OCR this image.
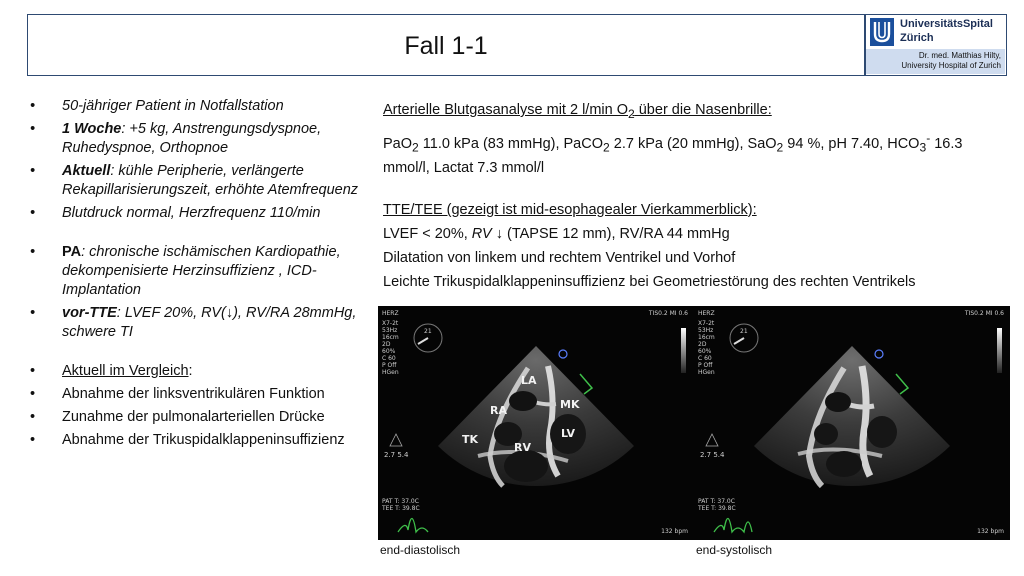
Fall 1-1
UniversitätsSpital
Zürich
Dr. med. Matthias Hilty,
University Hospital of Zurich
• 50-jähriger Patient in Notfallstation
• 1 Woche: +5 kg, Anstrengungsdyspnoe, Ruhedyspnoe, Orthopnoe
• Aktuell: kühle Peripherie, verlängerte Rekapillarisierungszeit, erhöhte Atemfrequenz
• Blutdruck normal, Herzfrequenz 110/min
• PA: chronische ischämischen Kardiopathie, dekompenisierte Herzinsuffizienz , ICD-Implantation
• vor-TTE: LVEF 20%, RV(↓), RV/RA 28mmHg, schwere TI
• Aktuell im Vergleich:
• Abnahme der linksventrikulären Funktion
• Zunahme der pulmonalarteriellen Drücke
• Abnahme der Trikuspidalklappeninsuffizienz

Arterielle Blutgasanalyse mit 2 l/min $O_2$ über die Nasenbrille:

PaO$_2$ 11.0 kPa (83 mmHg), PaCO$_2$ 2.7 kPa (20 mmHg), SaO$_2$ 94 %, pH 7.40, $HCO_3^-$ 16.3 mmol/l, Lactat 7.3 mmol/l

TTE/TEE (gezeigt ist mid-esophagealer Vierkammerblick):

LVEF < 20%, RV ↓ (TAPSE 12 mm), RV/RA 44 mmHg

Dilatation von linkem und rechtem Ventrikel und Vorhof

Leichte Trikuspidalklappeninsuffizienz bei Geometriestörung des rechten Ventrikels

HERZ	TIS0.2 MI 0.6
X7-2t
53Hz
16cm
2D
60%
C 60
P Off
HGen
21
2.7 5.4
PAT T: 37.0C
TEE T: 39.8C
132 bpm
LA
RA	MK
LV
TK
RV
end-diastolisch
HERZ	TIS0.2 MI 0.6
X7-2t
53Hz
16cm
2D
60%
C 60
P Off
HGen
21
2.7 5.4
PAT T: 37.0C
TEE T: 39.8C
132 bpm
end-systolisch
